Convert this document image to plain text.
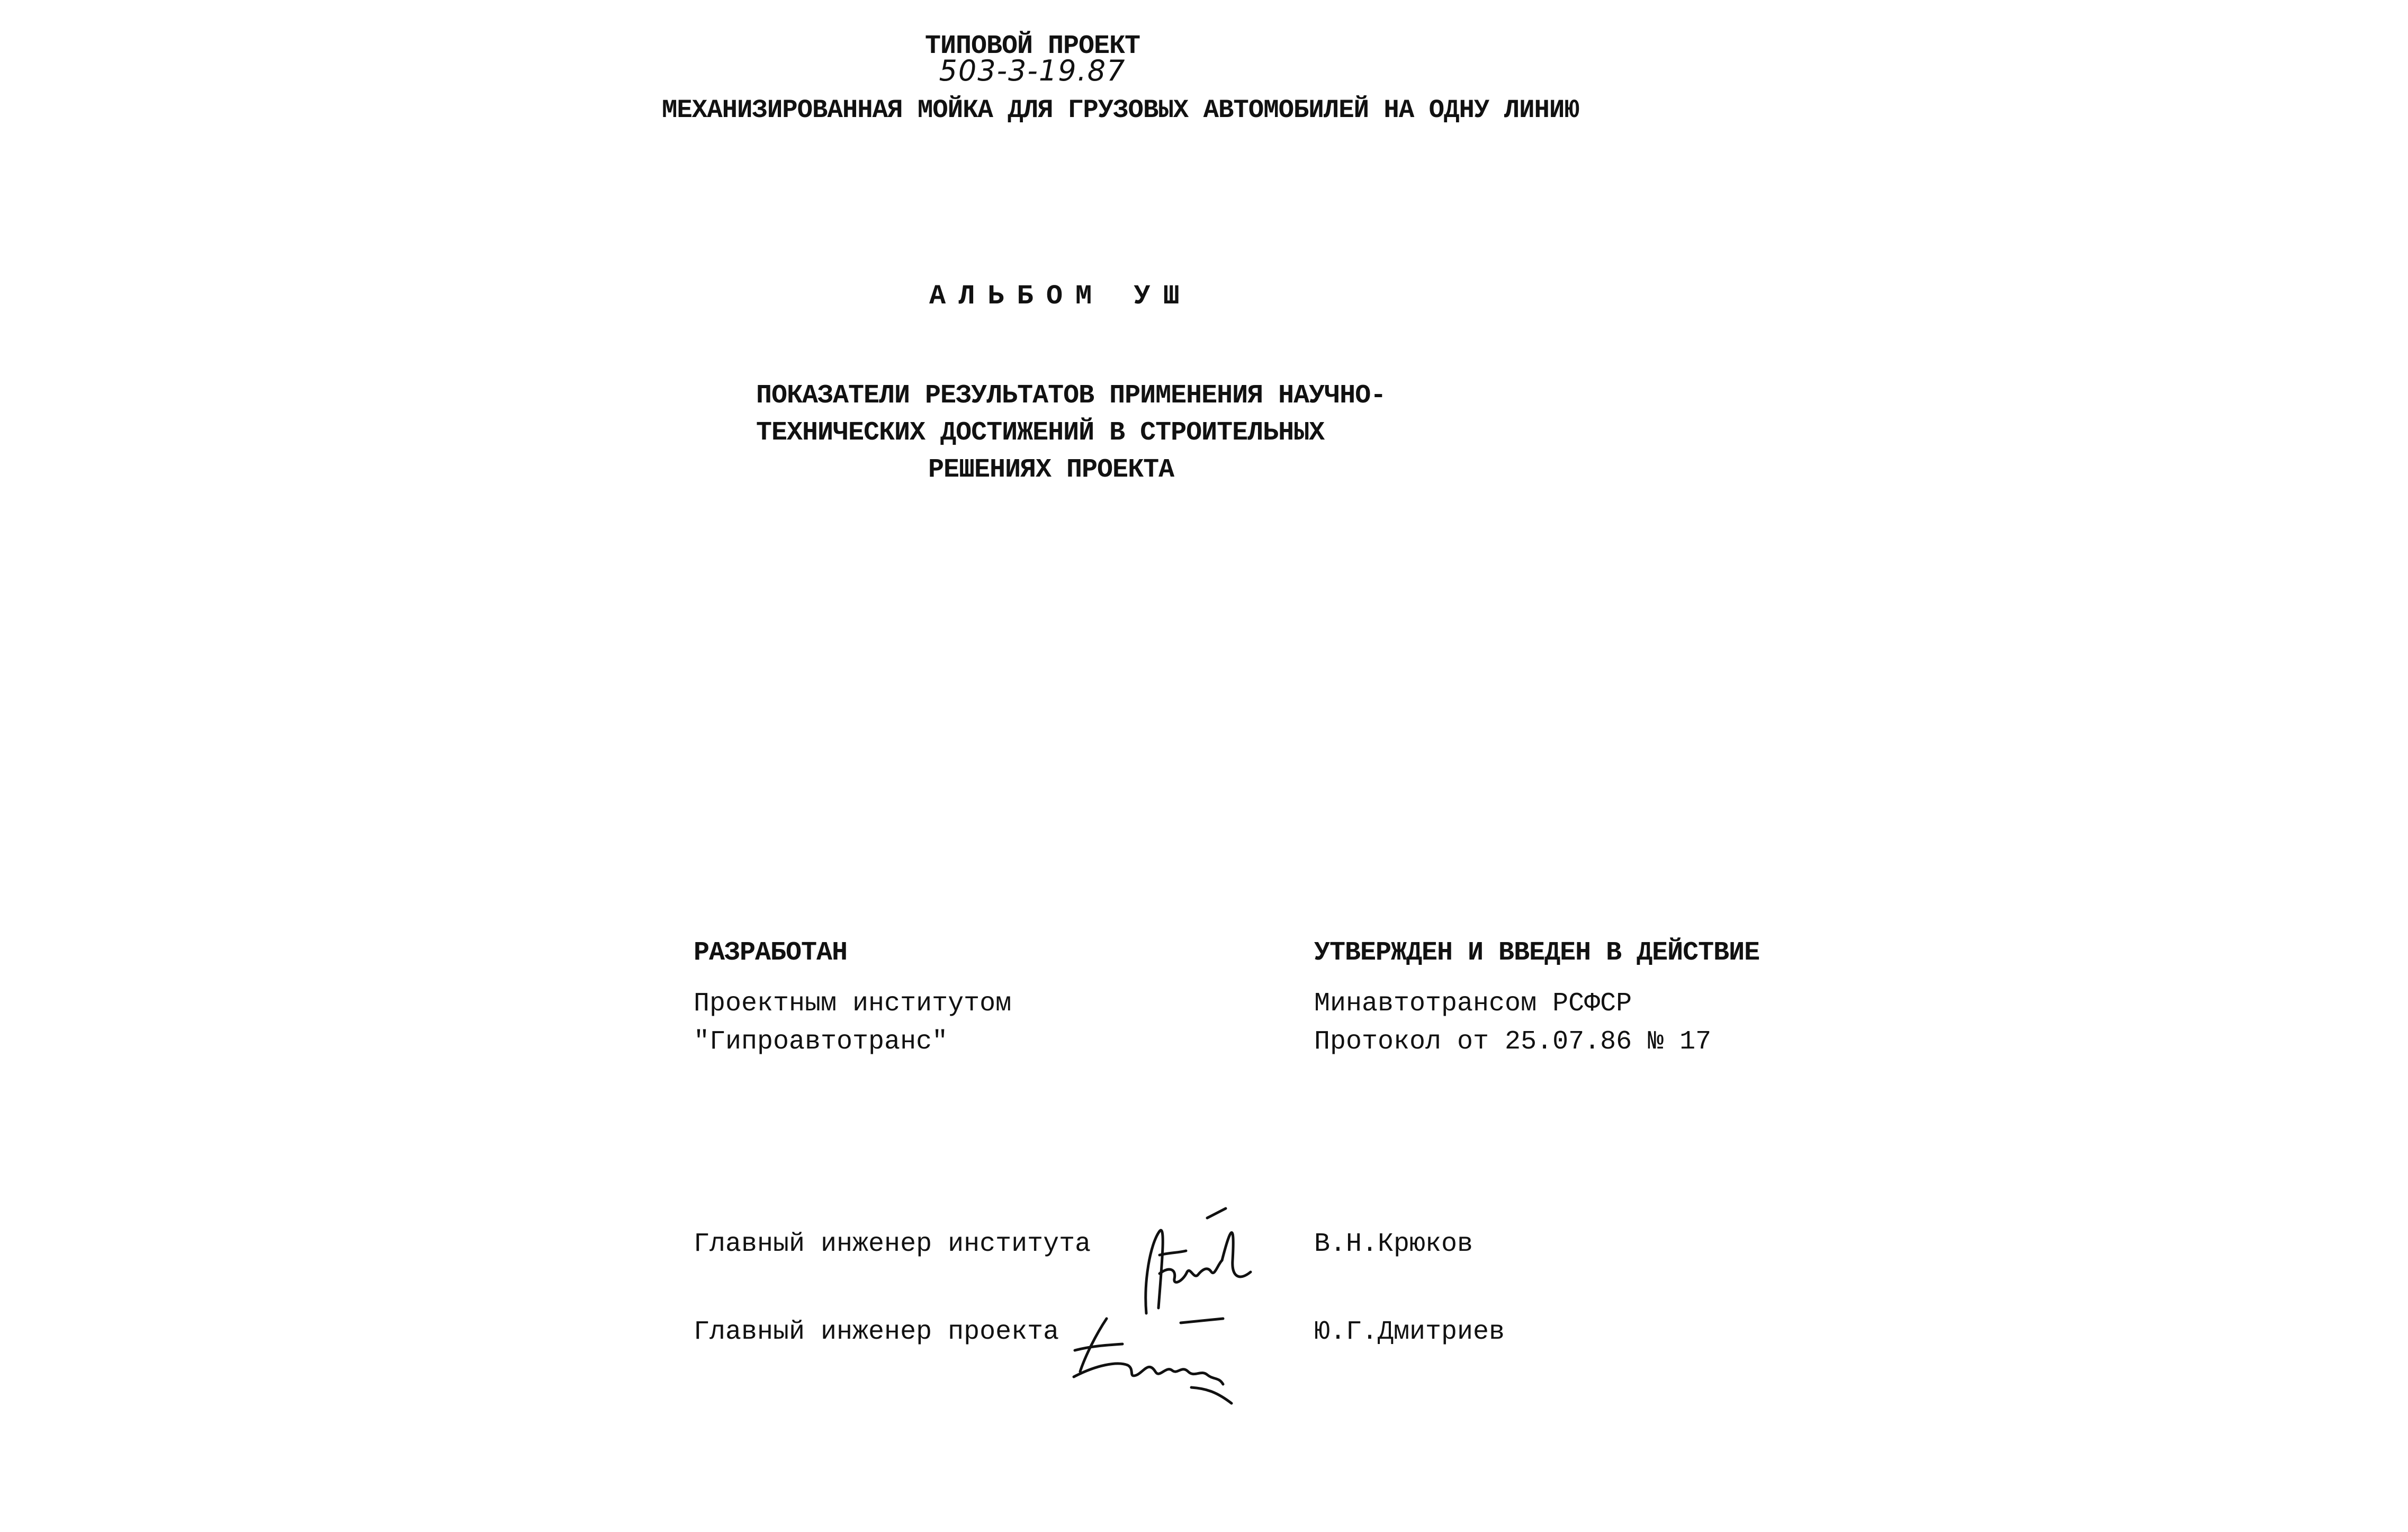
ТИПОВОЙ ПРОЕКТ
503-3-19.87
МЕХАНИЗИРОВАННАЯ МОЙКА ДЛЯ ГРУЗОВЫХ АВТОМОБИЛЕЙ НА ОДНУ ЛИНИЮ
АЛЬБОМ УШ
ПОКАЗАТЕЛИ РЕЗУЛЬТАТОВ ПРИМЕНЕНИЯ НАУЧНО-
ТЕХНИЧЕСКИХ ДОСТИЖЕНИЙ В СТРОИТЕЛЬНЫХ
РЕШЕНИЯХ ПРОЕКТА
РАЗРАБОТАН
Проектным институтом
"Гипроавтотранс"
УТВЕРЖДЕН И ВВЕДЕН В ДЕЙСТВИЕ
Минавтотрансом РСФСР
Протокол от 25.07.86 № 17
Главный инженер института	В.Н.Крюков
Главный инженер проекта	Ю.Г.Дмитриев
